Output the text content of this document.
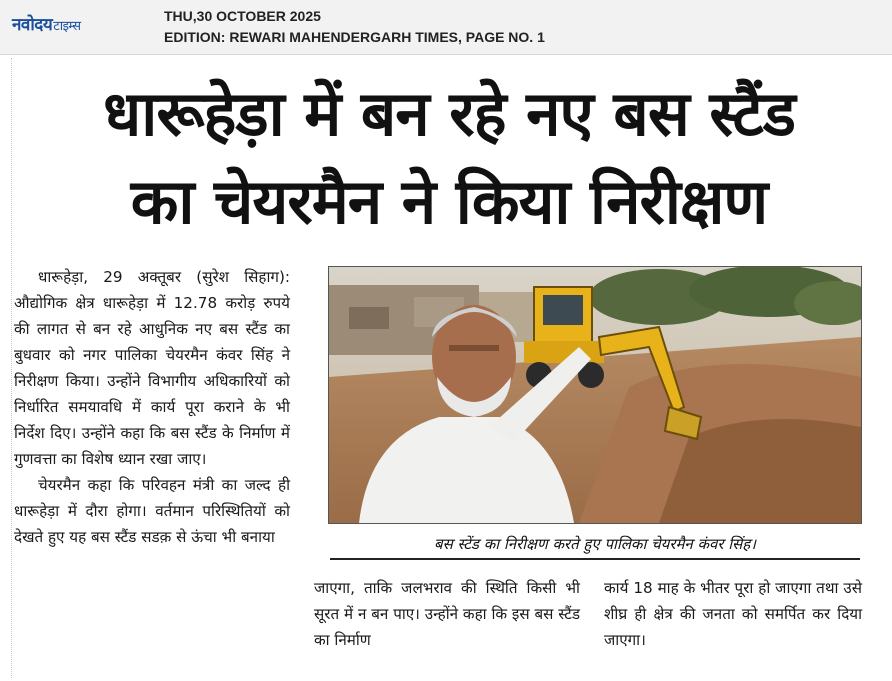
नवोदयटाइम्स
THU,30 OCTOBER 2025
EDITION: REWARI MAHENDERGARH TIMES, PAGE NO. 1
धारूहेड़ा में बन रहे नए बस स्टैंड
का चेयरमैन ने किया निरीक्षण

धारूहेड़ा, 29 अक्तूबर (सुरेश सिहाग): औद्योगिक क्षेत्र धारूहेड़ा में 12.78 करोड़ रुपये की लागत से बन रहे आधुनिक नए बस स्टैंड का बुधवार को नगर पालिका चेयरमैन कंवर सिंह ने निरीक्षण किया। उन्होंने विभागीय अधिकारियों को निर्धारित समयावधि में कार्य पूरा कराने के भी निर्देश दिए। उन्होंने कहा कि बस स्टैंड के निर्माण में गुणवत्ता का विशेष ध्यान रखा जाए।

चेयरमैन कहा कि परिवहन मंत्री का जल्द ही धारूहेड़ा में दौरा होगा। वर्तमान परिस्थितियों को देखते हुए यह बस स्टैंड सडक़ से ऊंचा भी बनाया	बस स्टेंड का निरीक्षण करते हुए पालिका चेयरमैन कंवर सिंह।

जाएगा, ताकि जलभराव की स्थिति किसी भी सूरत में न बन पाए। उन्होंने कहा कि इस बस स्टैंड का निर्माण

कार्य 18 माह के भीतर पूरा हो जाएगा तथा उसे शीघ्र ही क्षेत्र की जनता को समर्पित कर दिया जाएगा।
